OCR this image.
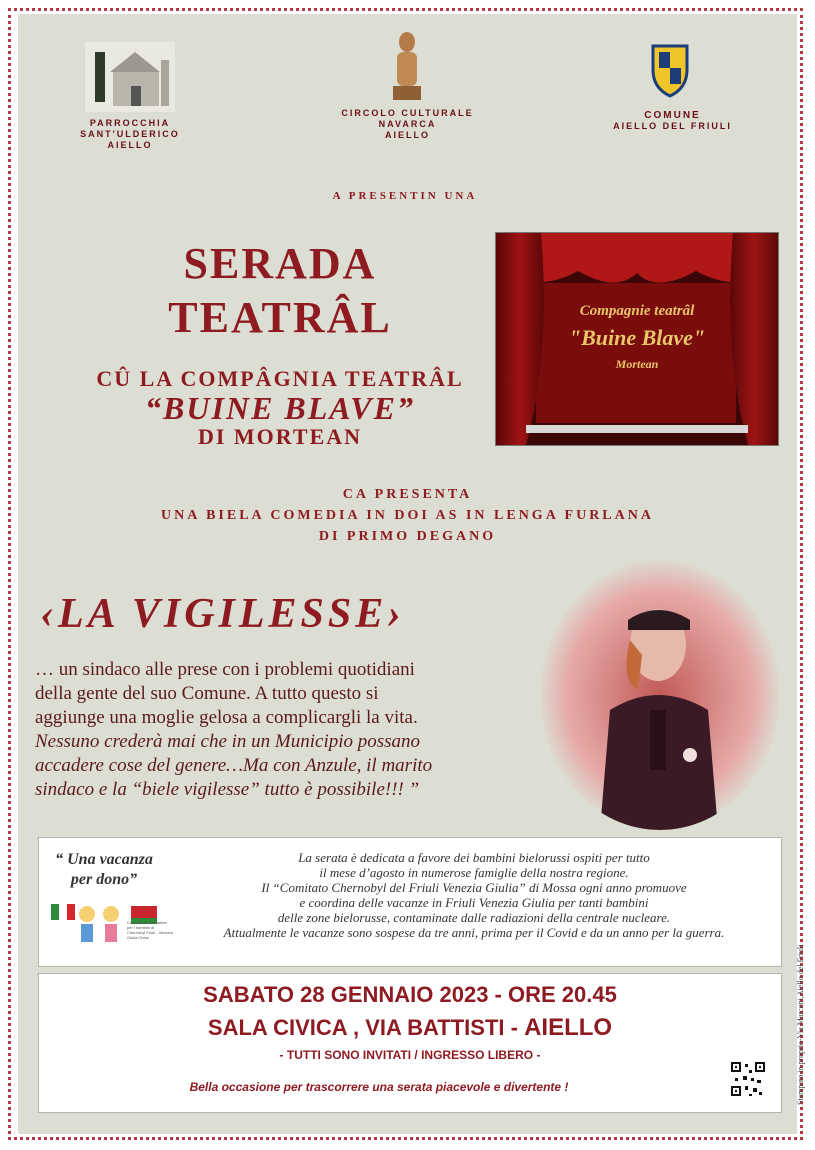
PARROCCHIA
SANT'ULDERICO
AIELLO
CIRCOLO CULTURALE
NAVARCA
AIELLO
COMUNE
AIELLO DEL FRIULI
A PRESENTIN UNA
SERADA
TEATRÂL
CÛ LA COMPÂGNIA TEATRÂL
“BUINE BLAVE”
DI MORTEAN
Compagnie teatrâl
"Buine Blave"
Mortean
CA PRESENTA
UNA BIELA COMEDIA IN DOI AS IN LENGA FURLANA
DI PRIMO DEGANO
‹LA VIGILESSE›
… un sindaco alle prese con i problemi quotidiani
della gente del suo Comune. A tutto questo si
aggiunge una moglie gelosa a complicargli la vita.
Nessuno crederà mai che in un Municipio possano
accadere cose del genere…Ma con Anzule, il marito
sindaco e la “biele vigilesse” tutto è possibile!!! ”
“ Una vacanza
per dono”
Comitato di solidarietà per i bambini di Chernobyl Friuli - Venezia Giulia Onlus
La serata è dedicata a favore dei bambini bielorussi ospiti per tutto
il mese d’agosto in numerose famiglie della nostra regione.
Il “Comitato Chernobyl del Friuli Venezia Giulia” di Mossa ogni anno promuove
e coordina delle vacanze in Friuli Venezia Giulia per tanti bambini
delle zone bielorusse, contaminate dalle radiazioni della centrale nucleare.
Attualmente le vacanze sono sospese da tre anni, prima per il Covid e da un anno per la guerra.
SABATO 28 GENNAIO 2023 - ORE 20.45
SALA CIVICA , VIA BATTISTI - AIELLO
- TUTTI SONO INVITATI / INGRESSO LIBERO -
Bella occasione per trascorrere una serata piacevole e divertente !	Stampato in proprio-Via Marconi,Aiello del Friuli
